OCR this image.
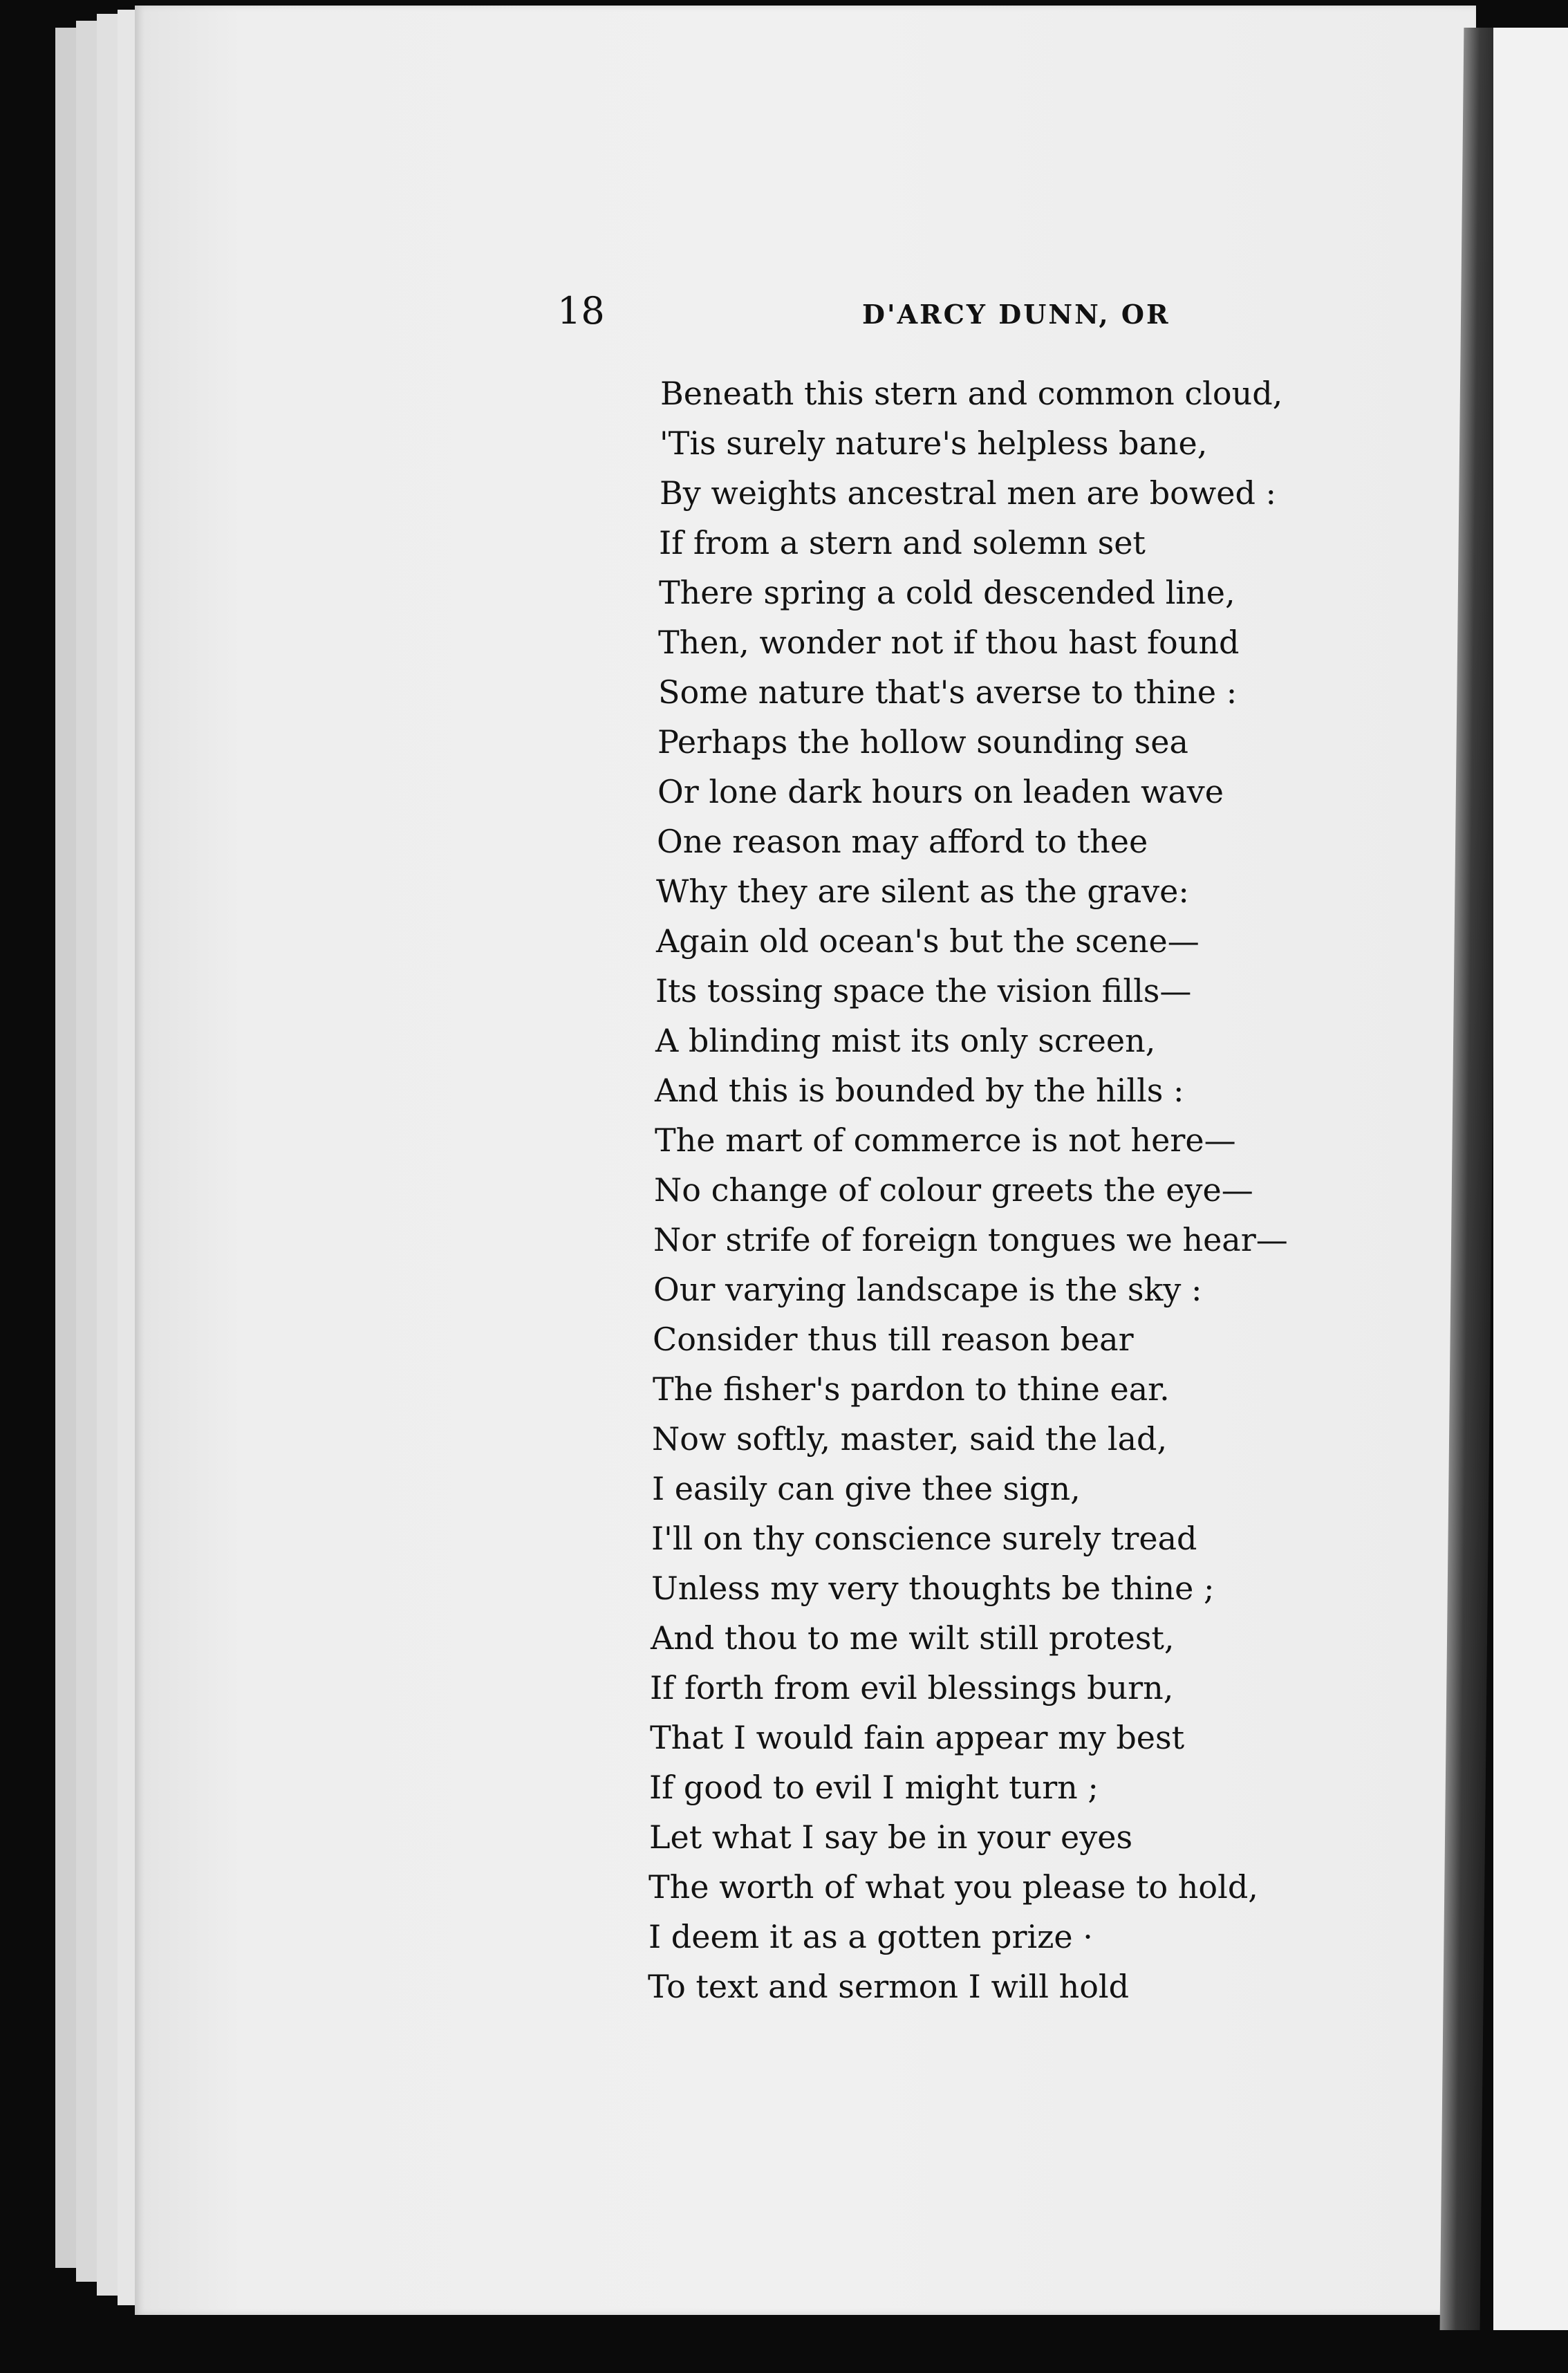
18	D'ARCY DUNN, OR
Beneath this stern and common cloud,
'Tis surely nature's helpless bane,
By weights ancestral men are bowed :
If from a stern and solemn set
There spring a cold descended line,
Then, wonder not if thou hast found
Some nature that's averse to thine :
Perhaps the hollow sounding sea
Or lone dark hours on leaden wave
One reason may afford to thee
Why they are silent as the grave:
Again old ocean's but the scene—
Its tossing space the vision fills—
A blinding mist its only screen,
And this is bounded by the hills :
The mart of commerce is not here—
No change of colour greets the eye—
Nor strife of foreign tongues we hear—
Our varying landscape is the sky :
Consider thus till reason bear
The fisher's pardon to thine ear.
Now softly, master, said the lad,
I easily can give thee sign,
I'll on thy conscience surely tread
Unless my very thoughts be thine ;
And thou to me wilt still protest,
If forth from evil blessings burn,
That I would fain appear my best
If good to evil I might turn ;
Let what I say be in your eyes
The worth of what you please to hold,
I deem it as a gotten prize ·
To text and sermon I will hold
